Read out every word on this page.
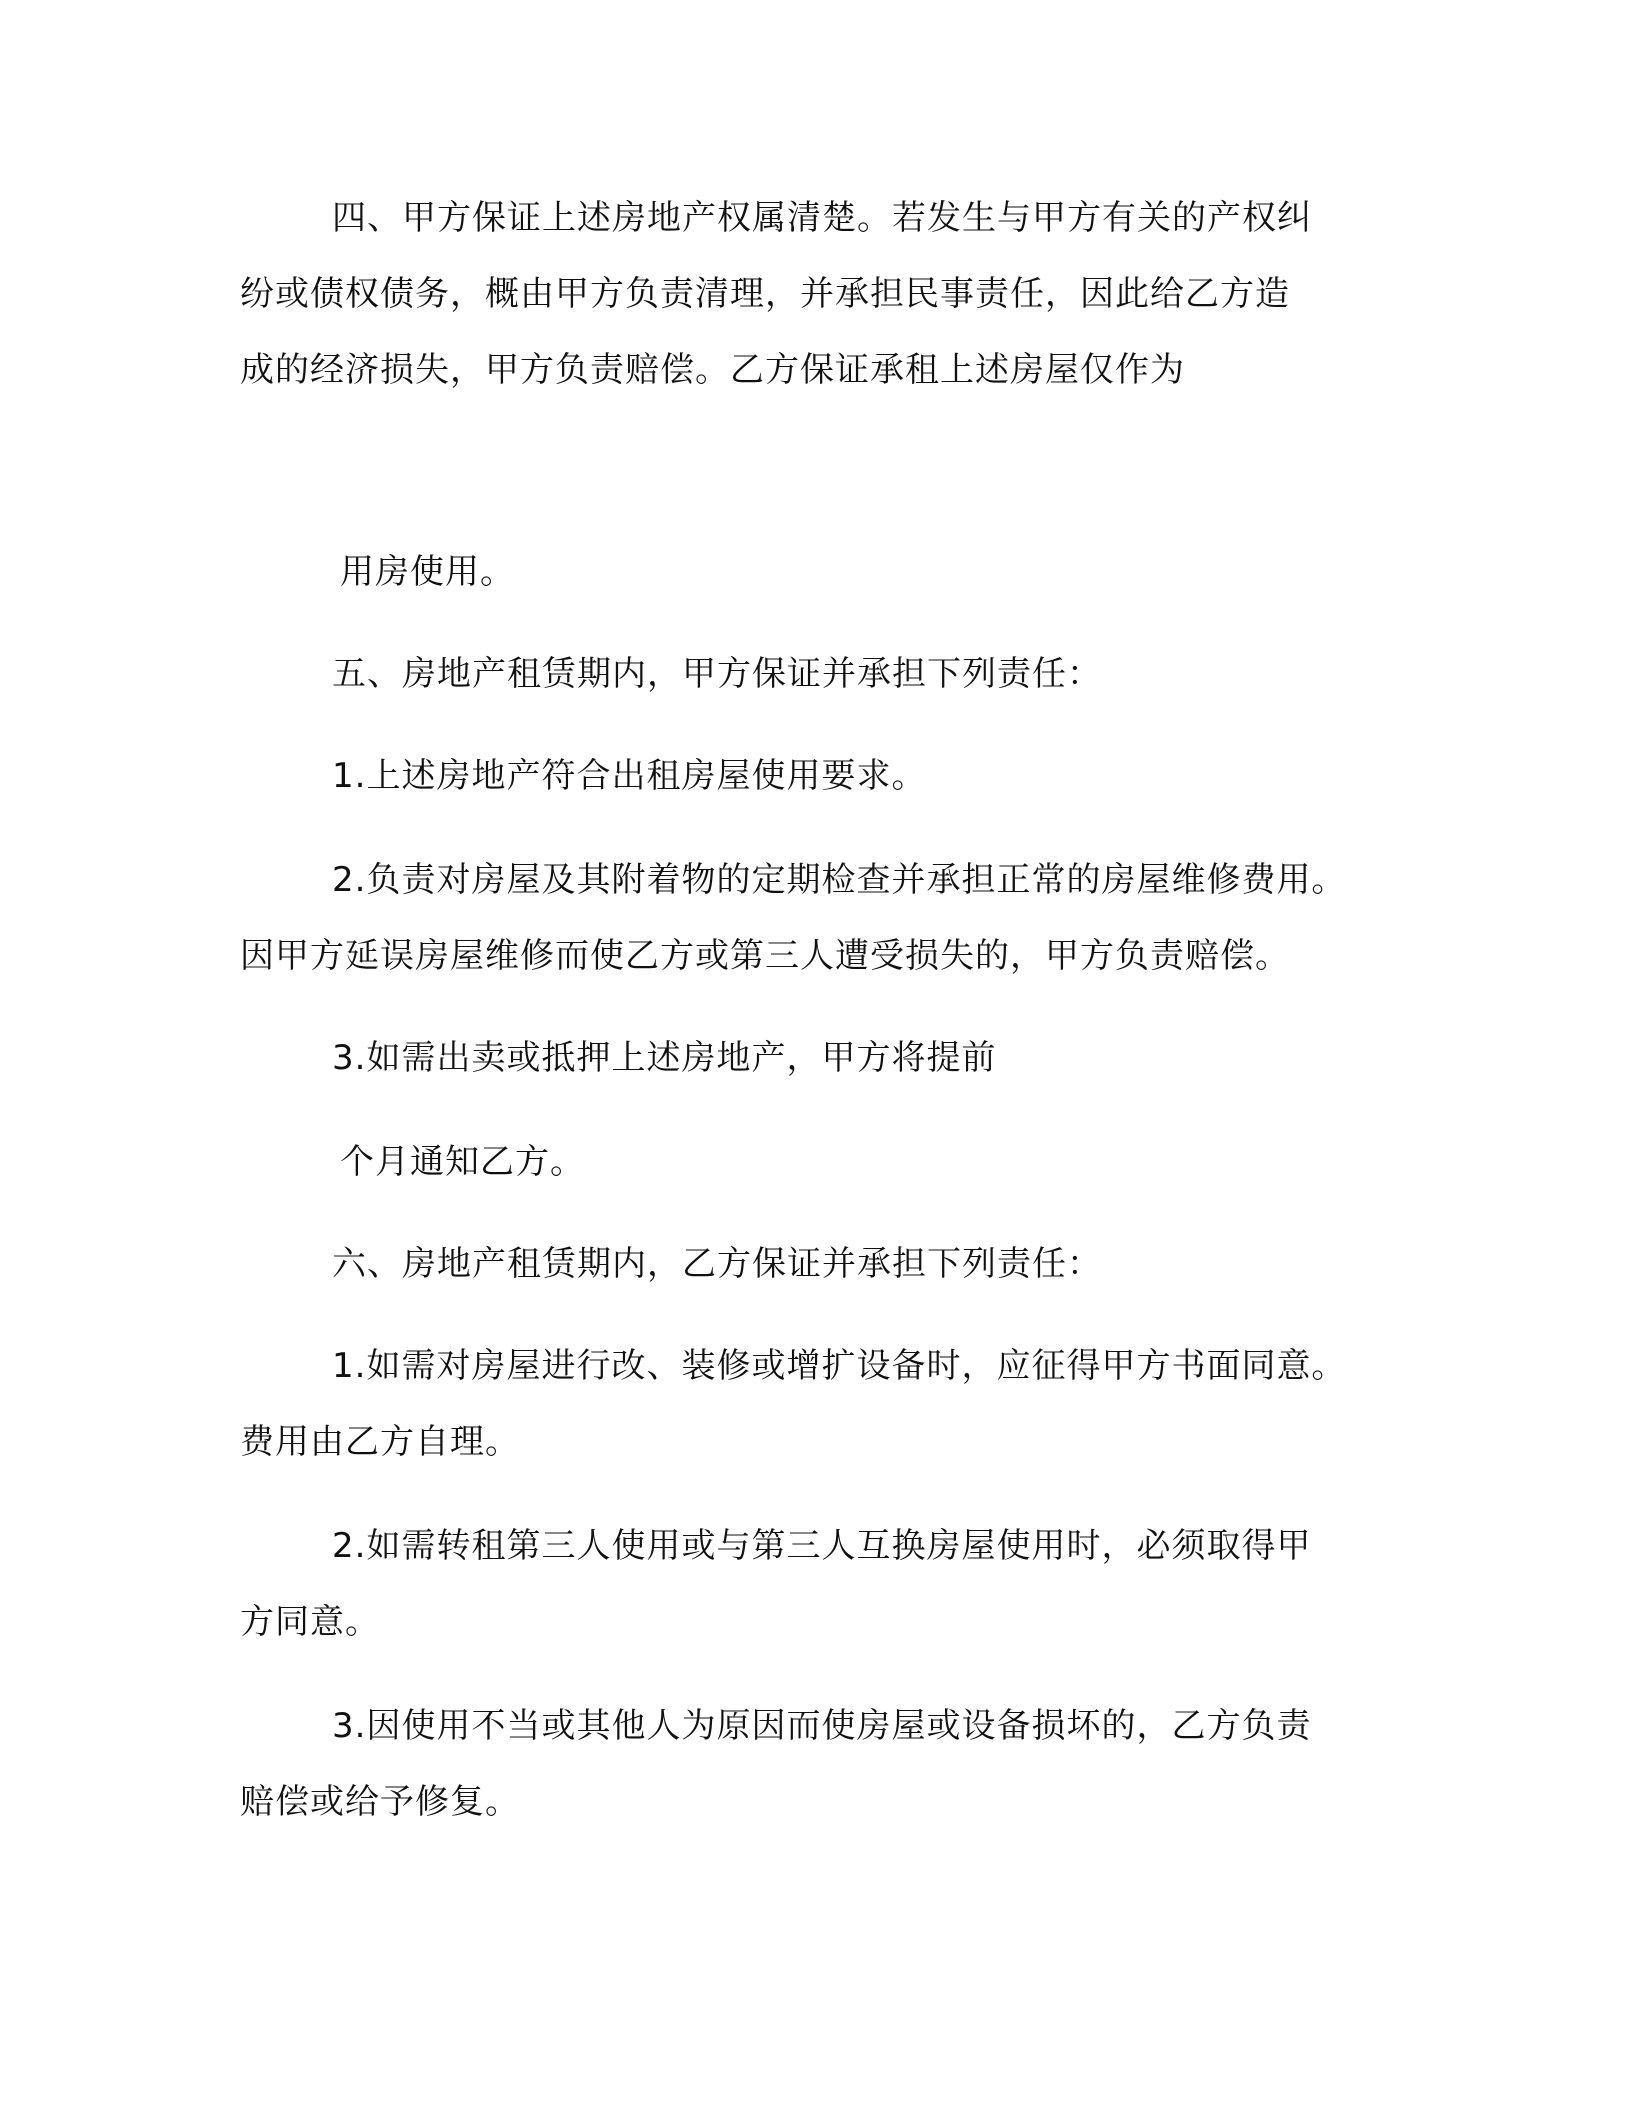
四、甲方保证上述房地产权属清楚。若发生与甲方有关的产权纠
纷或债权债务，概由甲方负责清理，并承担民事责任，因此给乙方造
成的经济损失，甲方负责赔偿。乙方保证承租上述房屋仅作为
用房使用。
五、房地产租赁期内，甲方保证并承担下列责任：
1.上述房地产符合出租房屋使用要求。
2.负责对房屋及其附着物的定期检查并承担正常的房屋维修费用。
因甲方延误房屋维修而使乙方或第三人遭受损失的，甲方负责赔偿。
3.如需出卖或抵押上述房地产，甲方将提前
个月通知乙方。
六、房地产租赁期内，乙方保证并承担下列责任：
1.如需对房屋进行改、装修或增扩设备时，应征得甲方书面同意。
费用由乙方自理。
2.如需转租第三人使用或与第三人互换房屋使用时，必须取得甲
方同意。
3.因使用不当或其他人为原因而使房屋或设备损坏的，乙方负责
赔偿或给予修复。
